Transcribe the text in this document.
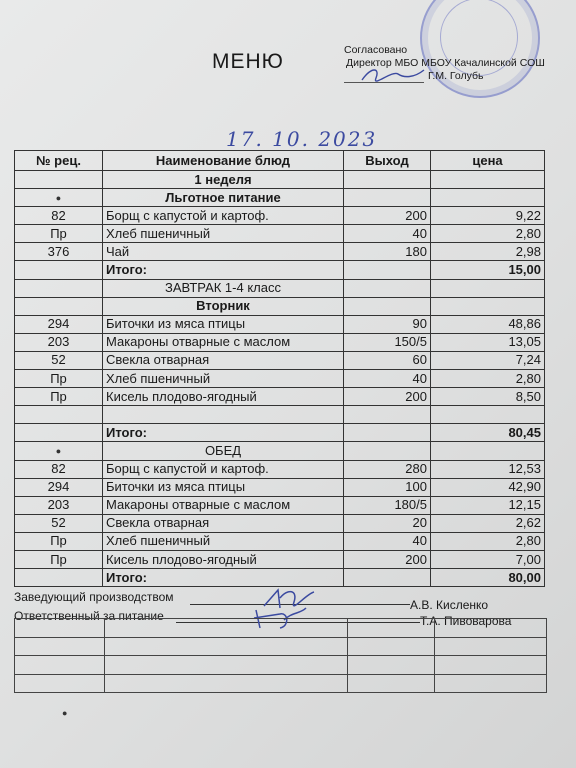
МЕНЮ	Согласовано
Директор МБО МБОУ Качалинской СОШ
Г.М. Голубь
17. 10. 2023
№ рец.	Наименование блюд	Выход	цена
	1 неделя		
●	Льготное питание		
82	Борщ с капустой и картоф.	200	9,22
Пр	Хлеб пшеничный	40	2,80
376	Чай	180	2,98
	Итого:		15,00
	ЗАВТРАК 1-4 класс		
	Вторник		
294	Биточки из мяса птицы	90	48,86
203	Макароны отварные с маслом	150/5	13,05
52	Свекла отварная	60	7,24
Пр	Хлеб пшеничный	40	2,80
Пр	Кисель плодово-ягодный	200	8,50

	Итого:		80,45
●	ОБЕД		
82	Борщ с капустой и картоф.	280	12,53
294	Биточки из мяса птицы	100	42,90
203	Макароны отварные с маслом	180/5	12,15
52	Свекла отварная	20	2,62
Пр	Хлеб пшеничный	40	2,80
Пр	Кисель плодово-ягодный	200	7,00
	Итого:		80,00
Заведующий производством
А.В. Кисленко
Ответственный за питание	Т.А. Пивоварова

●
